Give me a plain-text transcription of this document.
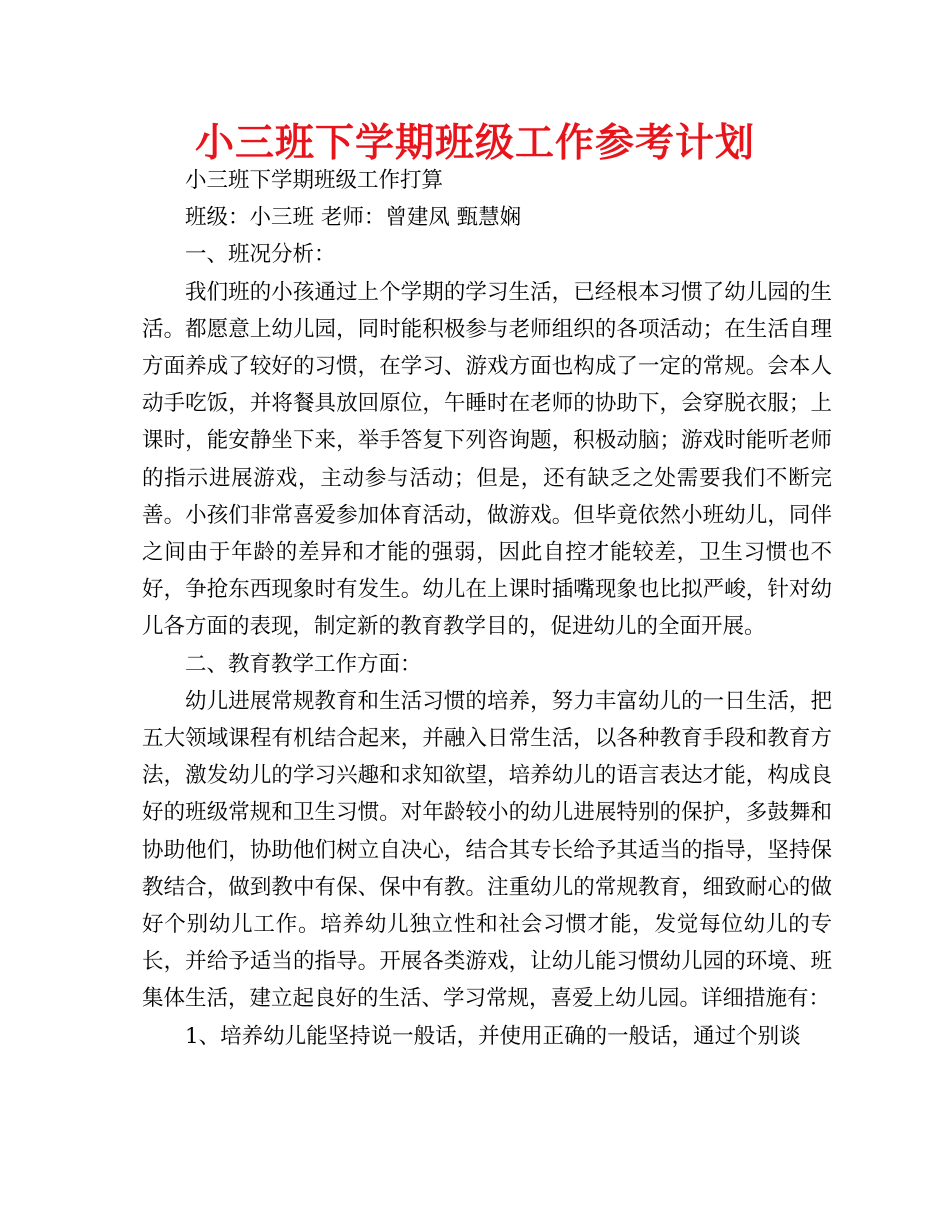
小三班下学期班级工作参考计划

小三班下学期班级工作打算

班级：小三班 老师：曾建凤 甄慧娴

一、班况分析：

我们班的小孩通过上个学期的学习生活，已经根本习惯了幼儿园的生活。都愿意上幼儿园，同时能积极参与老师组织的各项活动；在生活自理方面养成了较好的习惯，在学习、游戏方面也构成了一定的常规。会本人动手吃饭，并将餐具放回原位，午睡时在老师的协助下，会穿脱衣服；上课时，能安静坐下来，举手答复下列咨询题，积极动脑；游戏时能听老师的指示进展游戏，主动参与活动；但是，还有缺乏之处需要我们不断完善。小孩们非常喜爱参加体育活动，做游戏。但毕竟依然小班幼儿，同伴之间由于年龄的差异和才能的强弱，因此自控才能较差，卫生习惯也不好，争抢东西现象时有发生。幼儿在上课时插嘴现象也比拟严峻，针对幼儿各方面的表现，制定新的教育教学目的，促进幼儿的全面开展。

二、教育教学工作方面：

幼儿进展常规教育和生活习惯的培养，努力丰富幼儿的一日生活，把五大领域课程有机结合起来，并融入日常生活，以各种教育手段和教育方法，激发幼儿的学习兴趣和求知欲望，培养幼儿的语言表达才能，构成良好的班级常规和卫生习惯。对年龄较小的幼儿进展特别的保护，多鼓舞和协助他们，协助他们树立自决心，结合其专长给予其适当的指导，坚持保教结合，做到教中有保、保中有教。注重幼儿的常规教育，细致耐心的做好个别幼儿工作。培养幼儿独立性和社会习惯才能，发觉每位幼儿的专长，并给予适当的指导。开展各类游戏，让幼儿能习惯幼儿园的环境、班集体生活，建立起良好的生活、学习常规，喜爱上幼儿园。详细措施有：

1、培养幼儿能坚持说一般话，并使用正确的一般话，通过个别谈
